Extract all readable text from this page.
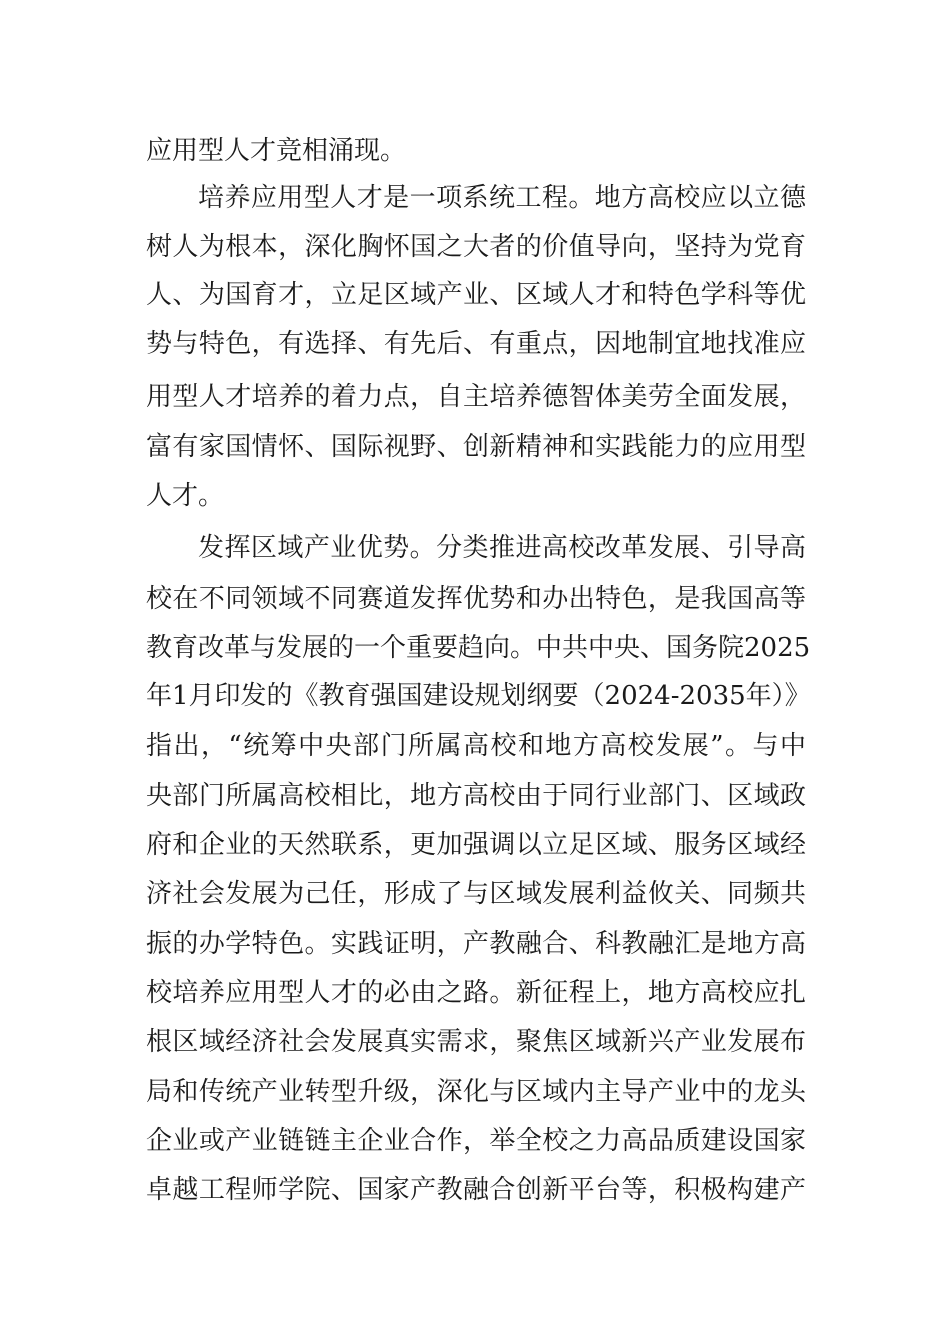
应用型人才竞相涌现。
培养应用型人才是一项系统工程。地方高校应以立德
树人为根本，深化胸怀国之大者的价值导向，坚持为党育
人、为国育才，立足区域产业、区域人才和特色学科等优
势与特色，有选择、有先后、有重点，因地制宜地找准应
用型人才培养的着力点，自主培养德智体美劳全面发展，
富有家国情怀、国际视野、创新精神和实践能力的应用型
人才。
发挥区域产业优势。分类推进高校改革发展、引导高
校在不同领域不同赛道发挥优势和办出特色，是我国高等
教育改革与发展的一个重要趋向。中共中央、国务院2025
年1月印发的《教育强国建设规划纲要（2024-2035年）》
指出，“统筹中央部门所属高校和地方高校发展”。与中
央部门所属高校相比，地方高校由于同行业部门、区域政
府和企业的天然联系，更加强调以立足区域、服务区域经
济社会发展为己任，形成了与区域发展利益攸关、同频共
振的办学特色。实践证明，产教融合、科教融汇是地方高
校培养应用型人才的必由之路。新征程上，地方高校应扎
根区域经济社会发展真实需求，聚焦区域新兴产业发展布
局和传统产业转型升级，深化与区域内主导产业中的龙头
企业或产业链链主企业合作，举全校之力高品质建设国家
卓越工程师学院、国家产教融合创新平台等，积极构建产
